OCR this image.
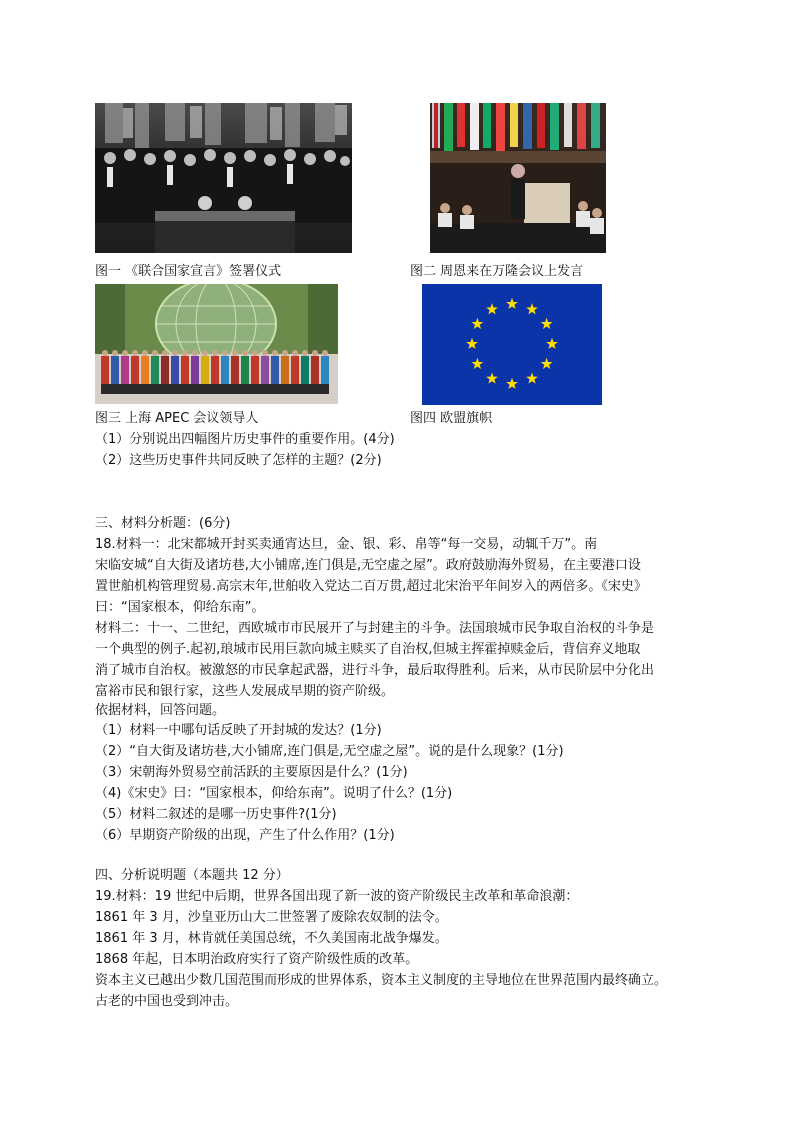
图一 《联合国家宣言》签署仪式	图二 周恩来在万隆会议上发言
图三 上海 APEC 会议领导人	图四 欧盟旗帜
（1）分别说出四幅图片历史事件的重要作用。(4分)
（2）这些历史事件共同反映了怎样的主题？(2分)
三、材料分析题：(6分)
18.材料一：北宋都城开封买卖通宵达旦，金、银、彩、帛等“每一交易，动辄千万”。南
宋临安城“自大街及诸坊巷,大小铺席,连门俱是,无空虚之屋”。政府鼓励海外贸易，在主要港口设
置世舶机构管理贸易.高宗末年,世舶收入党达二百万贯,超过北宋治平年间岁入的两倍多。《宋史》
曰：“国家根本，仰给东南”。
材料二：十一、二世纪，西欧城市市民展开了与封建主的斗争。法国琅城市民争取自治权的斗争是
一个典型的例子.起初,琅城市民用巨款向城主赎买了自治权,但城主挥霍掉赎金后，背信弃义地取
消了城市自治权。被激怒的市民拿起武器，进行斗争，最后取得胜利。后来，从市民阶层中分化出
富裕市民和银行家，这些人发展成早期的资产阶级。
依据材料，回答问题。
（1）材料一中哪句话反映了开封城的发达？(1分)
（2）“自大街及诸坊巷,大小铺席,连门俱是,无空虚之屋”。说的是什么现象？(1分)
（3）宋朝海外贸易空前活跃的主要原因是什么？(1分)
（4)《宋史》曰：“国家根本，仰给东南”。说明了什么？(1分)
（5）材料二叙述的是哪一历史事件?(1分)
（6）早期资产阶级的出现，产生了什么作用？(1分)
四、分析说明题（本题共 12 分）
19.材料：19 世纪中后期，世界各国出现了新一波的资产阶级民主改革和革命浪潮：
1861 年 3 月，沙皇亚历山大二世签署了废除农奴制的法令。
1861 年 3 月，林肯就任美国总统，不久美国南北战争爆发。
1868 年起，日本明治政府实行了资产阶级性质的改革。
资本主义已越出少数几国范围而形成的世界体系，资本主义制度的主导地位在世界范围内最终确立。
古老的中国也受到冲击。
